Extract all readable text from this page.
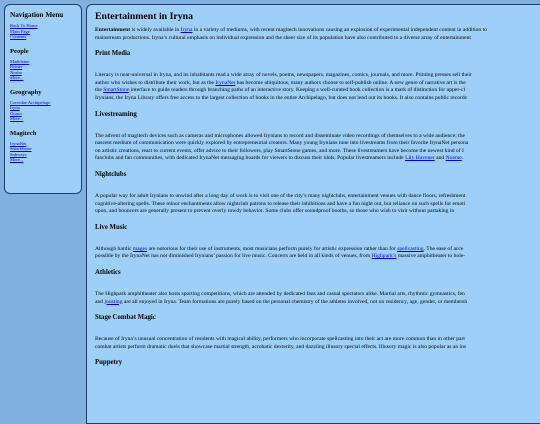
Navigation Menu
Back To Home
Main Page
Contents
People
Madeleine
Reiner
Nezha
More...
Geography
Corvidae Archipelago
Iryna
Orono
More...
Magitech
IrynaNet
SmartStone
Subways
More...
Entertainment in Iryna

Entertainment is widely available in Iryna in a variety of mediums, with recent magitech innovations causing an explosion of experimental independent content in addition to

mainstream productions. Iryna’s cultural emphasis on individual expression and the sheer size of its population have also contributed to a diverse array of entertainment

Print Media

Literacy is near-universal in Iryna, and its inhabitants read a wide array of novels, poems, newspapers, magazines, comics, journals, and more. Printing presses sell their

author who wishes to distribute their work, but as the IrynaNet has become ubiquitous, many authors choose to self-publish online. A new genre of narrative art is the

the SmartStone interface to guide readers through branching paths of an interactive story. Keeping a well-curated book collection is a mark of distinction for upper-cl

Irynians, the Iryna Library offers free access to the largest collection of books in the entire Archipelago, but does not lend out its books. It also contains public records

Livestreaming

The advent of magitech devices such as cameras and microphones allowed Irynians to record and disseminate video recordings of themselves to a wide audience; the

nascent medium of communication were quickly explored by entrepreneurial creators. Many young Irynians tune into livestreams from their favorite IrynaNet persona

on artistic creations, react to current events, offer advice to their followers, play SmartStone games, and more. These livestreamers have become the newest kind of I

fanclubs and fan communities, with dedicated IrynaNet messaging boards for viewers to discuss their idols. Popular livestreamers include Lily Havener and Noeme.

Nightclubs

A popular way for adult Irynians to unwind after a long day of work is to visit one of the city’s many nightclubs, entertainment venues with dance floors, refreshment

cognitive-altering spells. These minor enchantments allow nightclub patrons to release their inhibitions and have a fun night out, but reliance on such spells for emoti

upon, and bouncers are generally present to prevent overly rowdy behavior. Some clubs offer soundproof booths, so those who wish to visit without partaking in

Live Music

Although bardic mages are notorious for their use of instruments, most musicians perform purely for artistic expression rather than for spellcasting. The ease of acce

possible by the IrynaNet has not diminished Irynians’ passion for live music. Concerts are held in all kinds of venues, from Highpark’s massive amphitheater to hole-

Athletics

The Highpark amphitheater also hosts sporting competitions, which are attended by dedicated fans and casual spectators alike. Martial arts, rhythmic gymnastics, fen

and jousting are all enjoyed in Iryna. Team formations are purely based on the personal chemistry of the athletes involved, not on residency, age, gender, or membersh

Stage Combat Magic

Because of Iryna’s unusual concentration of residents with magical ability, performers who incorporate spellcasting into their act are more common than in other part

combat artists perform dramatic duels that showcase martial strength, acrobatic dexterity, and dazzling illusory special effects. Illusory magic is also popular as an ins

Puppetry
